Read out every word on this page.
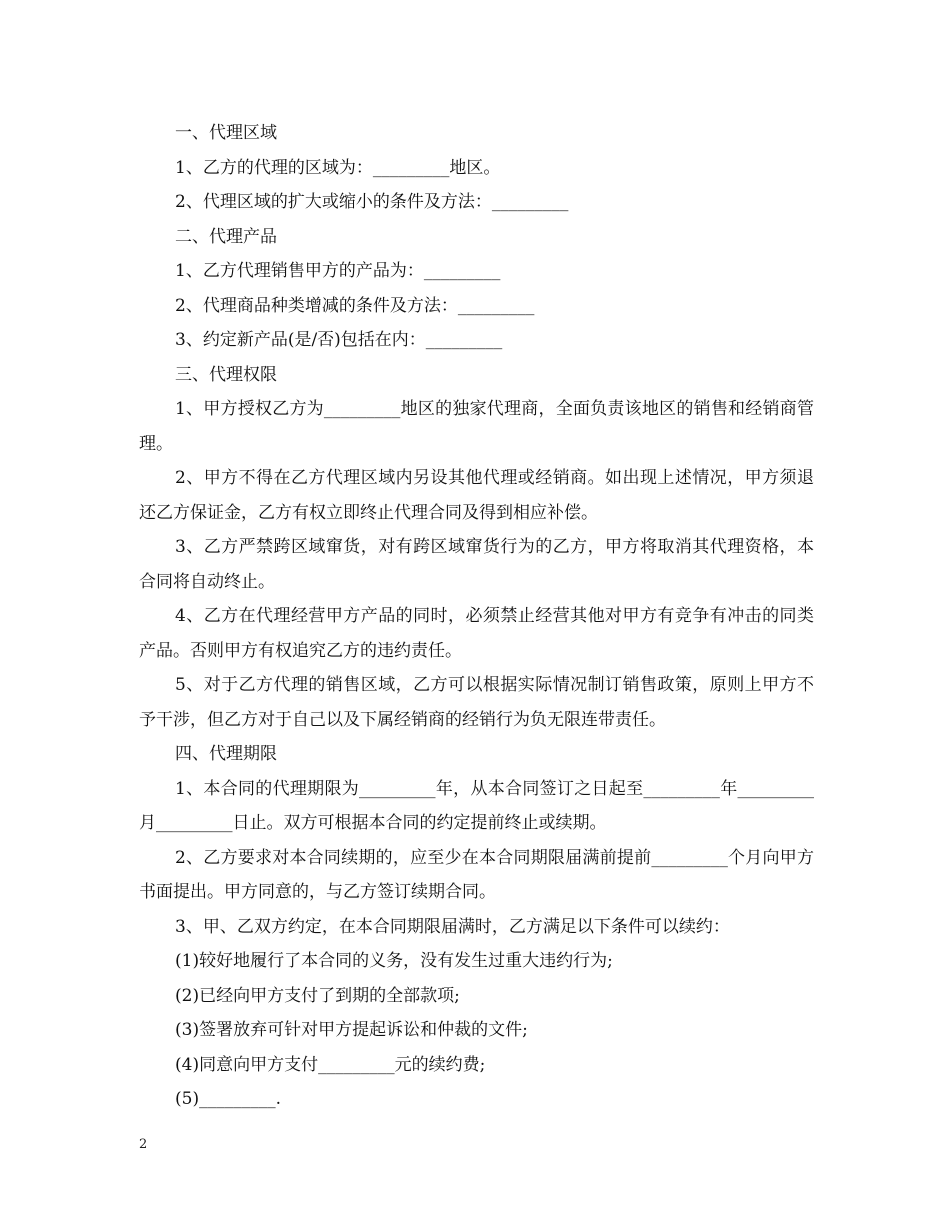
一、代理区域

1、乙方的代理的区域为：_________地区。

2、代理区域的扩大或缩小的条件及方法：_________

二、代理产品

1、乙方代理销售甲方的产品为：_________

2、代理商品种类增减的条件及方法：_________

3、约定新产品(是/否)包括在内：_________

三、代理权限

1、甲方授权乙方为_________地区的独家代理商，全面负责该地区的销售和经销商管理。

2、甲方不得在乙方代理区域内另设其他代理或经销商。如出现上述情况，甲方须退还乙方保证金，乙方有权立即终止代理合同及得到相应补偿。

3、乙方严禁跨区域窜货，对有跨区域窜货行为的乙方，甲方将取消其代理资格，本合同将自动终止。

4、乙方在代理经营甲方产品的同时，必须禁止经营其他对甲方有竞争有冲击的同类产品。否则甲方有权追究乙方的违约责任。

5、对于乙方代理的销售区域，乙方可以根据实际情况制订销售政策，原则上甲方不予干涉，但乙方对于自己以及下属经销商的经销行为负无限连带责任。

四、代理期限

1、本合同的代理期限为_________年，从本合同签订之日起至_________年_________月_________日止。双方可根据本合同的约定提前终止或续期。

2、乙方要求对本合同续期的，应至少在本合同期限届满前提前_________个月向甲方书面提出。甲方同意的，与乙方签订续期合同。

3、甲、乙双方约定，在本合同期限届满时，乙方满足以下条件可以续约：

(1)较好地履行了本合同的义务，没有发生过重大违约行为;

(2)已经向甲方支付了到期的全部款项;

(3)签署放弃可针对甲方提起诉讼和仲裁的文件;

(4)同意向甲方支付_________元的续约费;

(5)_________.

2
